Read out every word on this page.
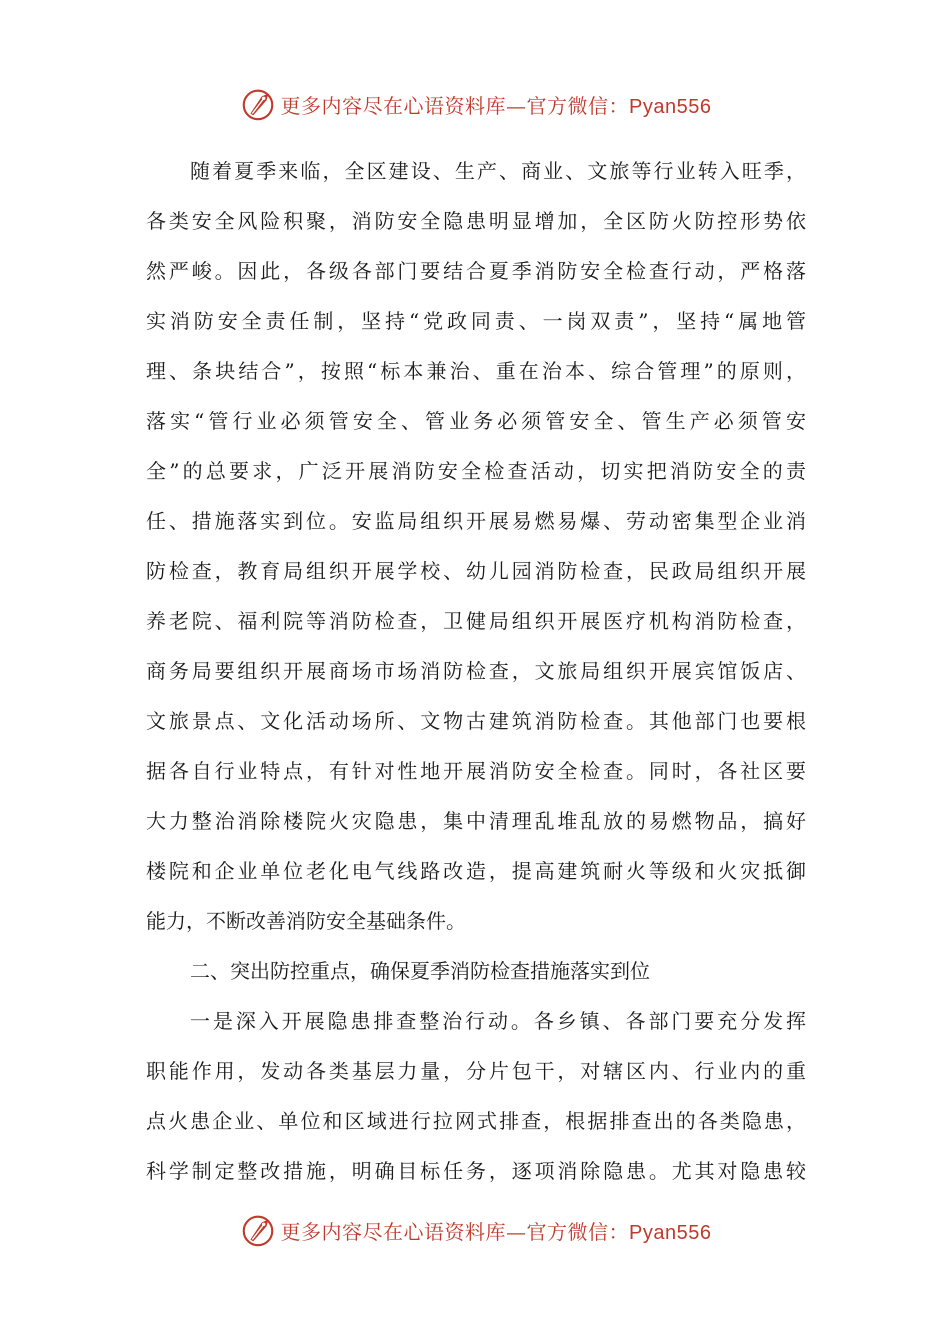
更多内容尽在心语资料库—官方微信：Pyan556
随着夏季来临，全区建设、生产、商业、文旅等行业转入旺季，
各类安全风险积聚，消防安全隐患明显增加，全区防火防控形势依
然严峻。因此，各级各部门要结合夏季消防安全检查行动，严格落
实消防安全责任制，坚持“党政同责、一岗双责”，坚持“属地管
理、条块结合”，按照“标本兼治、重在治本、综合管理”的原则，
落实“管行业必须管安全、管业务必须管安全、管生产必须管安
全”的总要求，广泛开展消防安全检查活动，切实把消防安全的责
任、措施落实到位。安监局组织开展易燃易爆、劳动密集型企业消
防检查，教育局组织开展学校、幼儿园消防检查，民政局组织开展
养老院、福利院等消防检查，卫健局组织开展医疗机构消防检查，
商务局要组织开展商场市场消防检查，文旅局组织开展宾馆饭店、
文旅景点、文化活动场所、文物古建筑消防检查。其他部门也要根
据各自行业特点，有针对性地开展消防安全检查。同时，各社区要
大力整治消除楼院火灾隐患，集中清理乱堆乱放的易燃物品，搞好
楼院和企业单位老化电气线路改造，提高建筑耐火等级和火灾抵御
能力，不断改善消防安全基础条件。
二、突出防控重点，确保夏季消防检查措施落实到位
一是深入开展隐患排查整治行动。各乡镇、各部门要充分发挥
职能作用，发动各类基层力量，分片包干，对辖区内、行业内的重
点火患企业、单位和区域进行拉网式排查，根据排查出的各类隐患，
科学制定整改措施，明确目标任务，逐项消除隐患。尤其对隐患较
更多内容尽在心语资料库—官方微信：Pyan556
